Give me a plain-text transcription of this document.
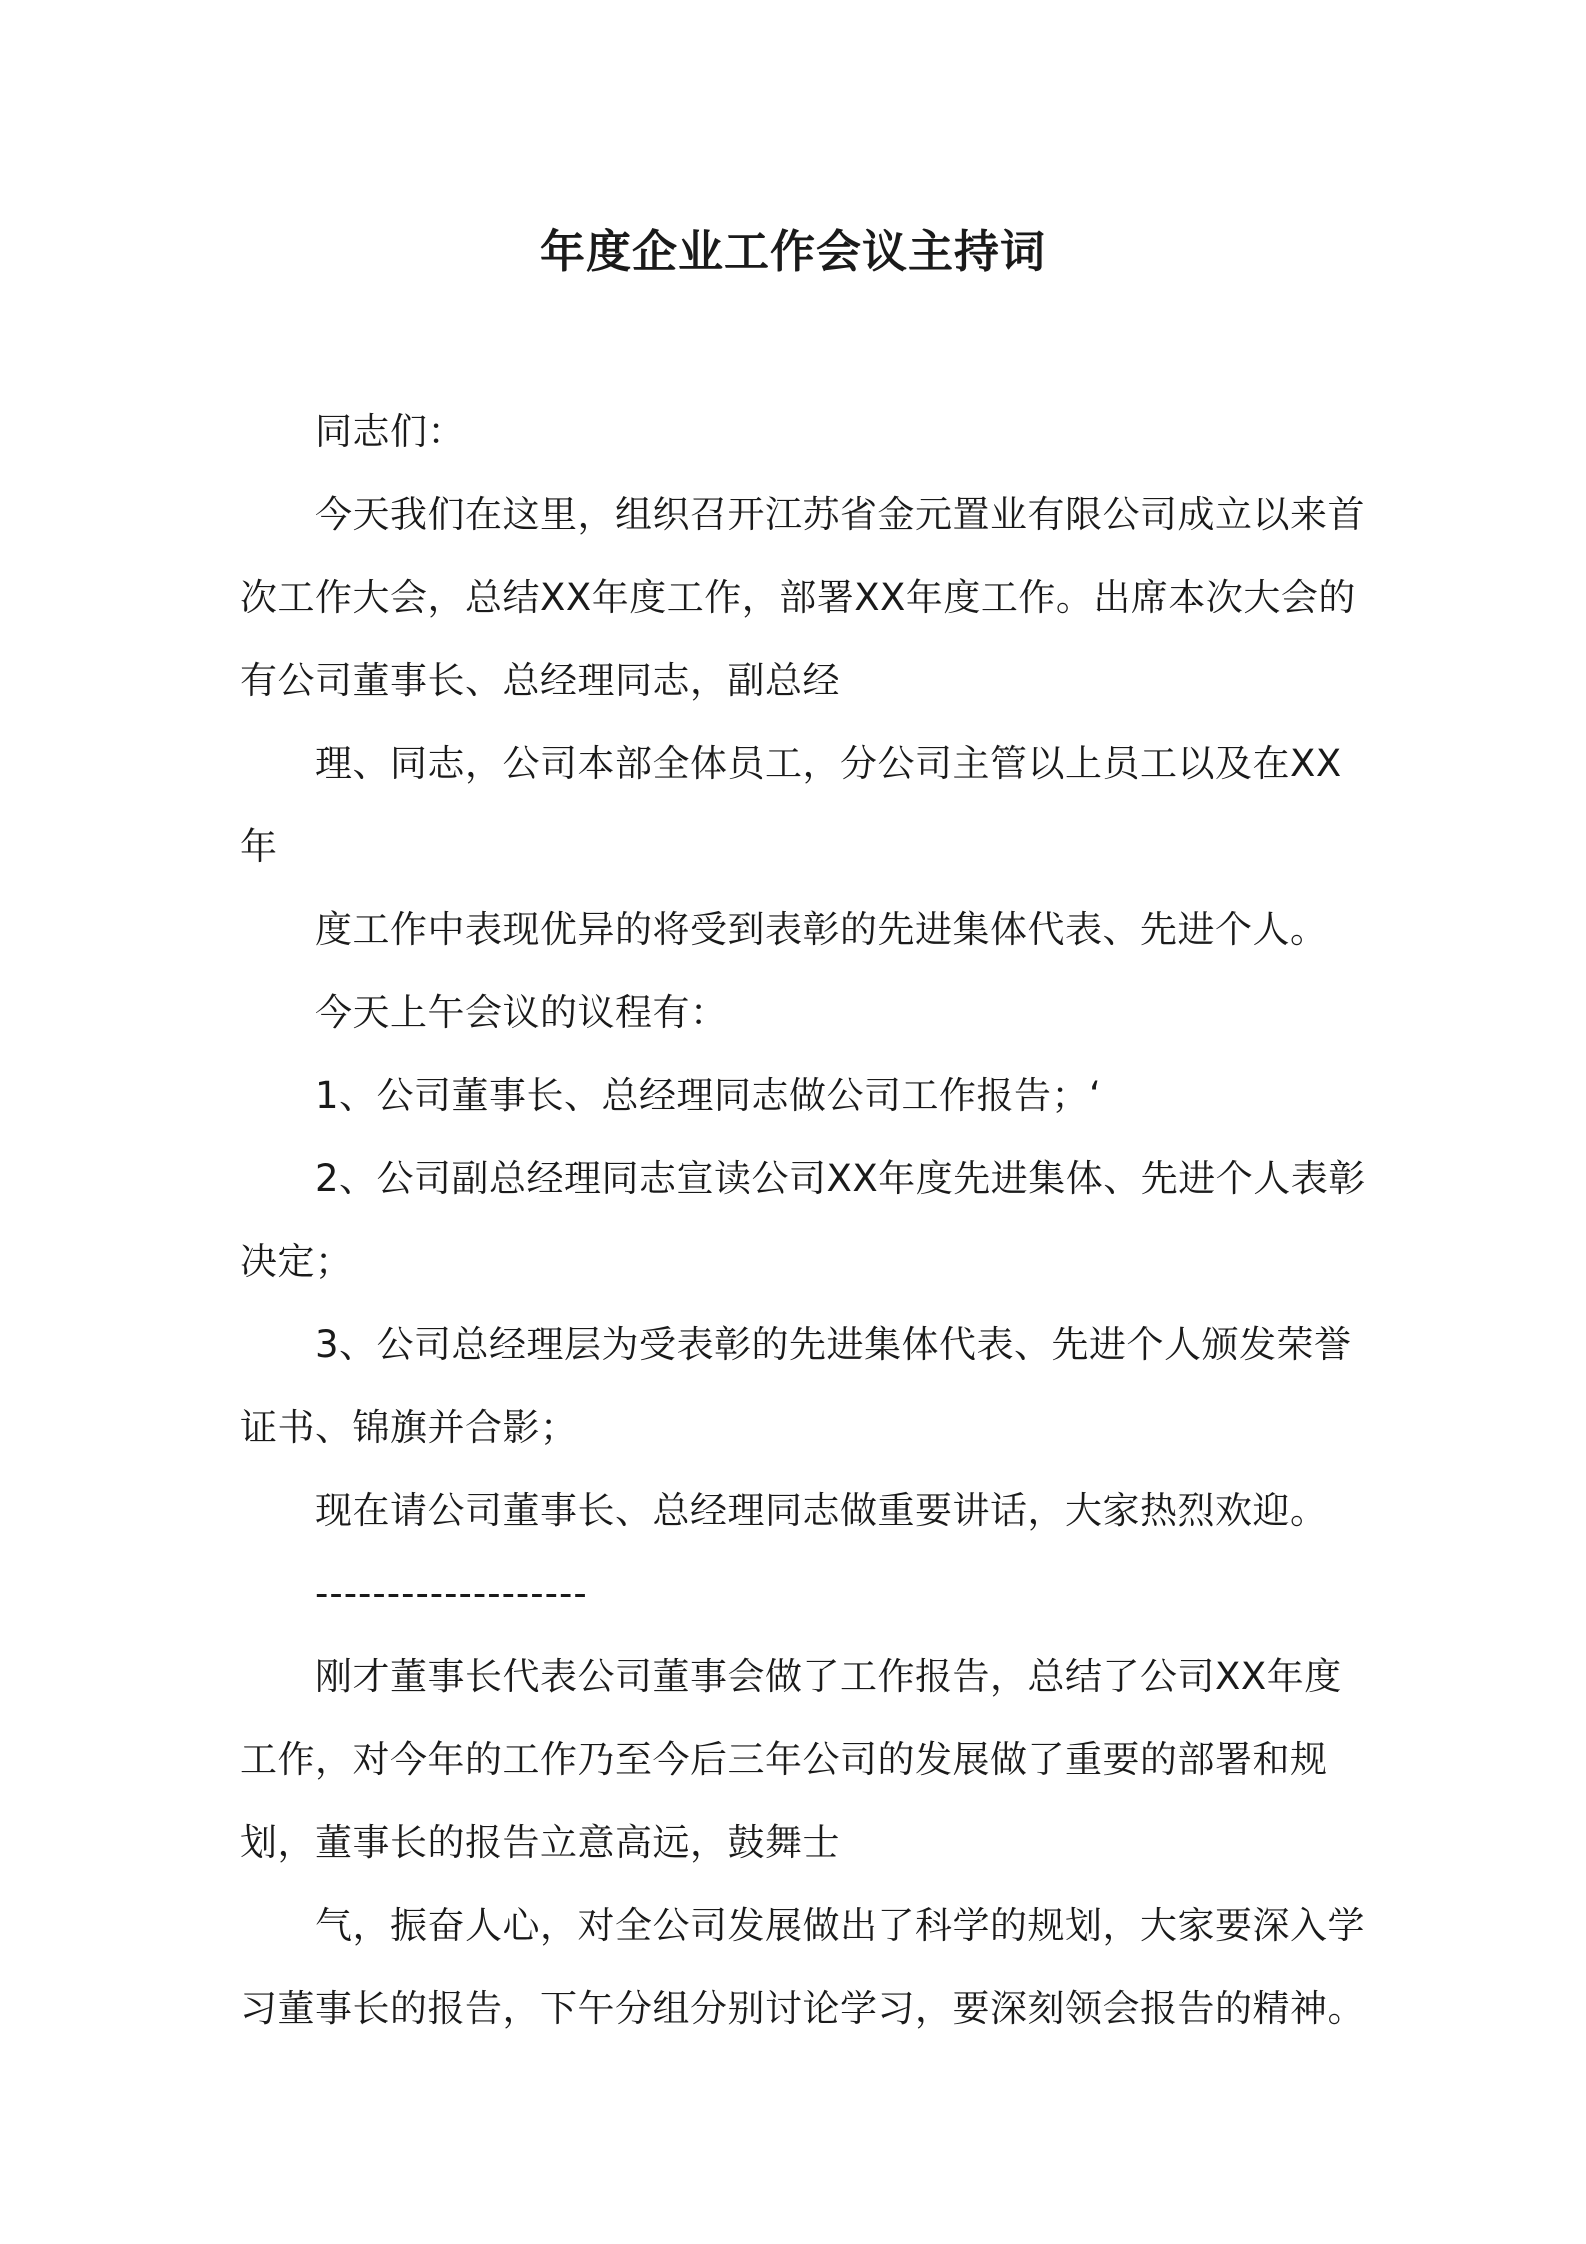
年度企业工作会议主持词

同志们：

今天我们在这里，组织召开江苏省金元置业有限公司成立以来首次工作大会，总结XX年度工作，部署XX年度工作。出席本次大会的有公司董事长、总经理同志，副总经

理、同志，公司本部全体员工，分公司主管以上员工以及在XX年

度工作中表现优异的将受到表彰的先进集体代表、先进个人。

今天上午会议的议程有：

1、公司董事长、总经理同志做公司工作报告；‘

2、公司副总经理同志宣读公司XX年度先进集体、先进个人表彰决定；

3、公司总经理层为受表彰的先进集体代表、先进个人颁发荣誉证书、锦旗并合影；

现在请公司董事长、总经理同志做重要讲话，大家热烈欢迎。

-------------------

刚才董事长代表公司董事会做了工作报告，总结了公司XX年度工作，对今年的工作乃至今后三年公司的发展做了重要的部署和规划，董事长的报告立意高远，鼓舞士

气，振奋人心，对全公司发展做出了科学的规划，大家要深入学习董事长的报告，下午分组分别讨论学习，要深刻领会报告的精神。
